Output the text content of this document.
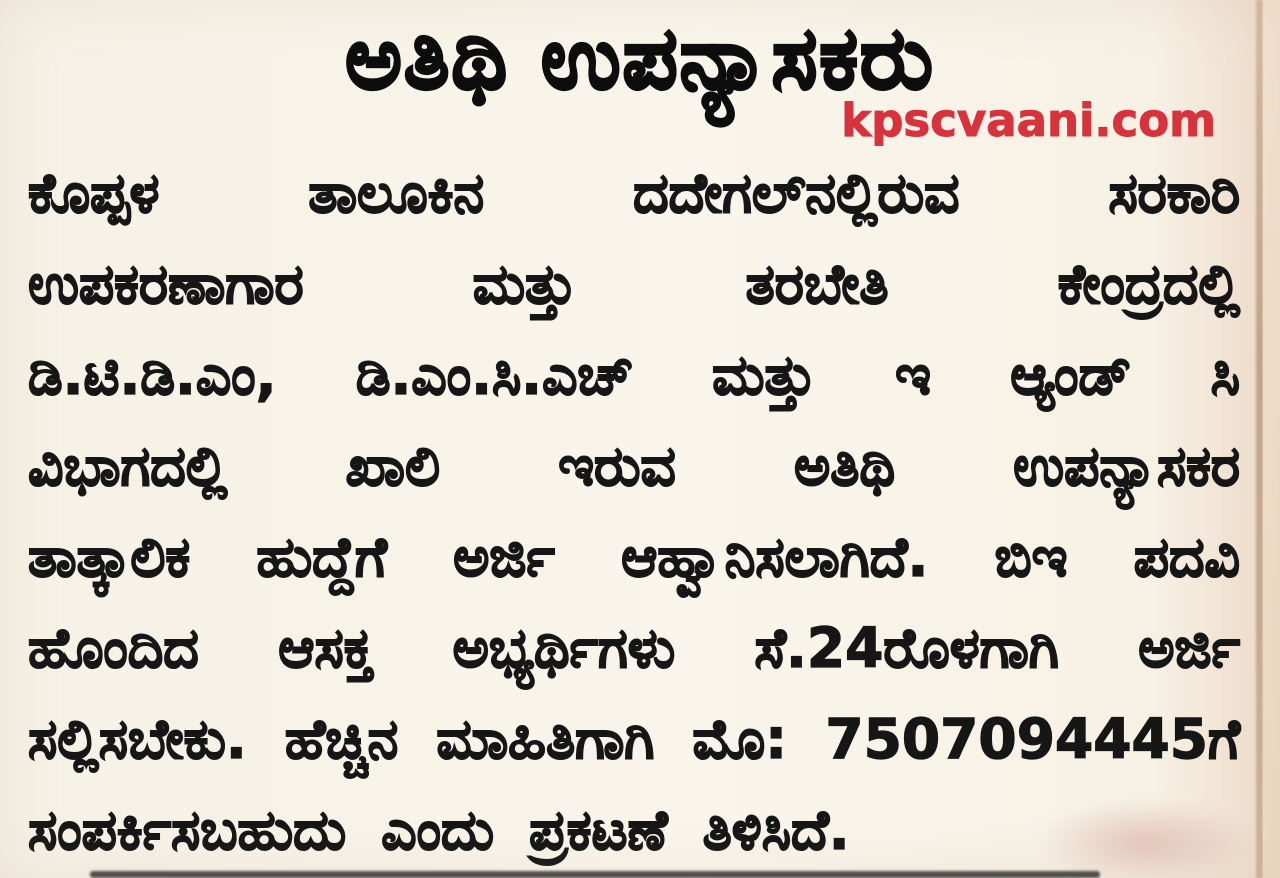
ಅತಿಥಿ ಉಪನ್ಯಾಸಕರು
kpscvaani.com
ಕೊಪ್ಪಳ ತಾಲೂಕಿನ ದದೇಗಲ್‌ನಲ್ಲಿರುವ ಸರಕಾರಿ
ಉಪಕರಣಾಗಾರ ಮತ್ತು ತರಬೇತಿ ಕೇಂದ್ರದಲ್ಲಿ
ಡಿ.ಟಿ.ಡಿ.ಎಂ, ಡಿ.ಎಂ.ಸಿ.ಎಚ್ ಮತ್ತು ಇ ಆ್ಯಂಡ್ ಸಿ
ವಿಭಾಗದಲ್ಲಿ ಖಾಲಿ ಇರುವ ಅತಿಥಿ ಉಪನ್ಯಾಸಕರ
ತಾತ್ಕಾಲಿಕ ಹುದ್ದೆಗೆ ಅರ್ಜಿ ಆಹ್ವಾನಿಸಲಾಗಿದೆ. ಬಿಇ ಪದವಿ
ಹೊಂದಿದ ಆಸಕ್ತ ಅಭ್ಯರ್ಥಿಗಳು ಸೆ.24ರೊಳಗಾಗಿ ಅರ್ಜಿ
ಸಲ್ಲಿಸಬೇಕು. ಹೆಚ್ಚಿನ ಮಾಹಿತಿಗಾಗಿ ಮೊ: 7507094445ಗೆ
ಸಂಪರ್ಕಿಸಬಹುದು ಎಂದು ಪ್ರಕಟಣೆ ತಿಳಿಸಿದೆ.
